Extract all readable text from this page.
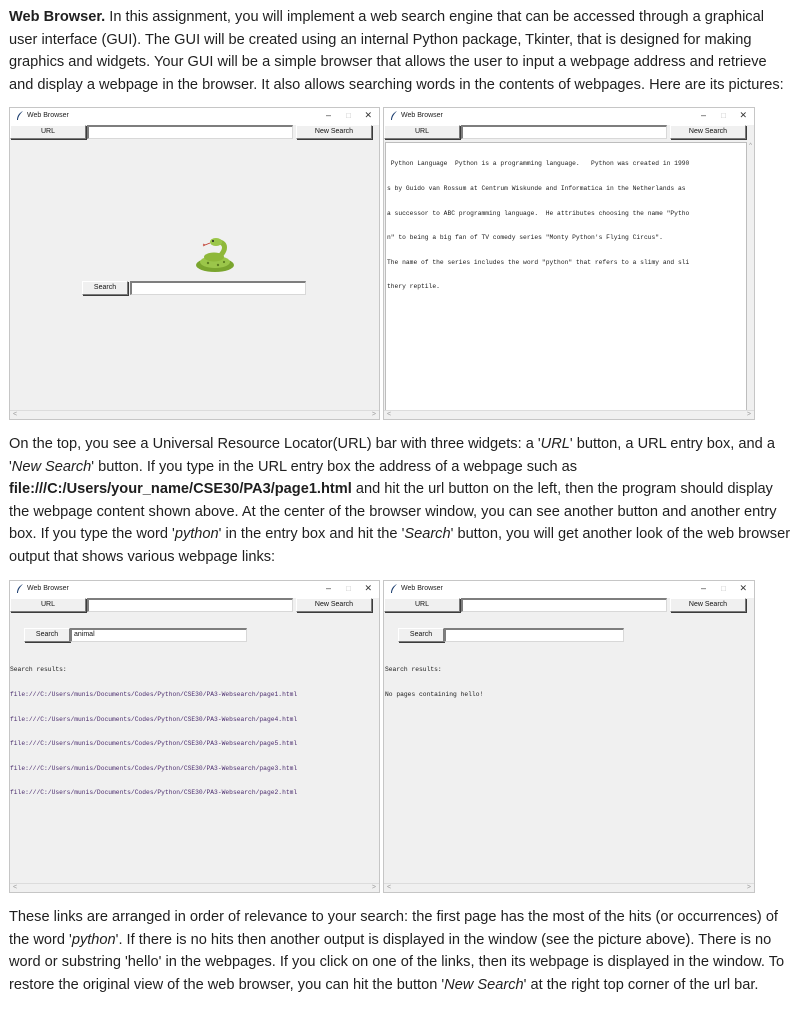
Web Browser. In this assignment, you will implement a web search engine that can be accessed through a graphical user interface (GUI). The GUI will be created using an internal Python package, Tkinter, that is designed for making graphics and widgets. Your GUI will be a simple browser that allows the user to input a webpage address and retrieve and display a webpage in the browser. It also allows searching words in the contents of webpages. Here are its pictures:

Web Browser	– □ ✕
URL	New Search
Search
<	>
Web Browser	– □ ✕
URL	New Search

Python Language  Python is a programming language.   Python was created in 1990

s by Guido van Rossum at Centrum Wiskunde and Informatica in the Netherlands as

a successor to ABC programming language.  He attributes choosing the name "Pytho

n" to being a big fan of TV comedy series "Monty Python's Flying Circus".

The name of the series includes the word "python" that refers to a slimy and sli

thery reptile.

^
<	>

On the top, you see a Universal Resource Locator(URL) bar with three widgets: a 'URL' button, a URL entry box, and a 'New Search' button. If you type in the URL entry box the address of a webpage such as file:///C:/Users/your_name/CSE30/PA3/page1.html and hit the url button on the left, then the program should display the webpage content shown above. At the center of the browser window, you can see another button and another entry box. If you type the word 'python' in the entry box and hit the 'Search' button, you will get another look of the web browser output that shows various webpage links:

Web Browser	– □ ✕
URL	New Search
Search	animal

Search results:

file:///C:/Users/munis/Documents/Codes/Python/CSE30/PA3-Websearch/page1.html

file:///C:/Users/munis/Documents/Codes/Python/CSE30/PA3-Websearch/page4.html

file:///C:/Users/munis/Documents/Codes/Python/CSE30/PA3-Websearch/page5.html

file:///C:/Users/munis/Documents/Codes/Python/CSE30/PA3-Websearch/page3.html

file:///C:/Users/munis/Documents/Codes/Python/CSE30/PA3-Websearch/page2.html

<	>
Web Browser	– □ ✕
URL	New Search
Search

Search results:

No pages containing hello!

<	>

These links are arranged in order of relevance to your search: the first page has the most of the hits (or occurrences) of the word 'python'. If there is no hits then another output is displayed in the window (see the picture above). There is no word or substring 'hello' in the webpages. If you click on one of the links, then its webpage is displayed in the window. To restore the original view of the web browser, you can hit the button 'New Search' at the right top corner of the url bar.
